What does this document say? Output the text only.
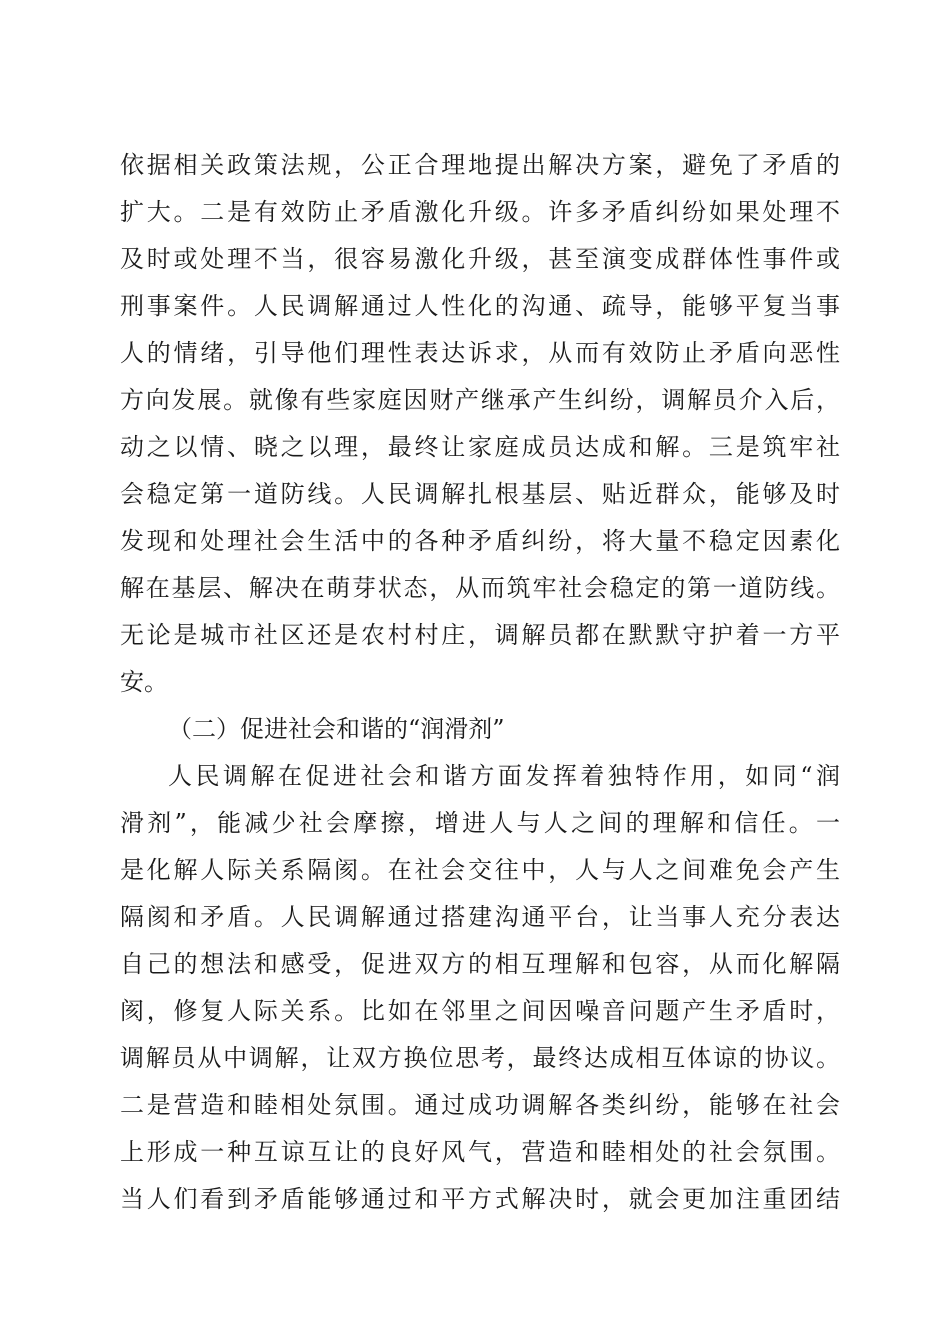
依据相关政策法规，公正合理地提出解决方案，避免了矛盾的
扩大。二是有效防止矛盾激化升级。许多矛盾纠纷如果处理不
及时或处理不当，很容易激化升级，甚至演变成群体性事件或
刑事案件。人民调解通过人性化的沟通、疏导，能够平复当事
人的情绪，引导他们理性表达诉求，从而有效防止矛盾向恶性
方向发展。就像有些家庭因财产继承产生纠纷，调解员介入后，
动之以情、晓之以理，最终让家庭成员达成和解。三是筑牢社
会稳定第一道防线。人民调解扎根基层、贴近群众，能够及时
发现和处理社会生活中的各种矛盾纠纷，将大量不稳定因素化
解在基层、解决在萌芽状态，从而筑牢社会稳定的第一道防线。
无论是城市社区还是农村村庄，调解员都在默默守护着一方平
安。
（二）促进社会和谐的“润滑剂”
人民调解在促进社会和谐方面发挥着独特作用，如同“润
滑剂”，能减少社会摩擦，增进人与人之间的理解和信任。一
是化解人际关系隔阂。在社会交往中，人与人之间难免会产生
隔阂和矛盾。人民调解通过搭建沟通平台，让当事人充分表达
自己的想法和感受，促进双方的相互理解和包容，从而化解隔
阂，修复人际关系。比如在邻里之间因噪音问题产生矛盾时，
调解员从中调解，让双方换位思考，最终达成相互体谅的协议。
二是营造和睦相处氛围。通过成功调解各类纠纷，能够在社会
上形成一种互谅互让的良好风气，营造和睦相处的社会氛围。
当人们看到矛盾能够通过和平方式解决时，就会更加注重团结
